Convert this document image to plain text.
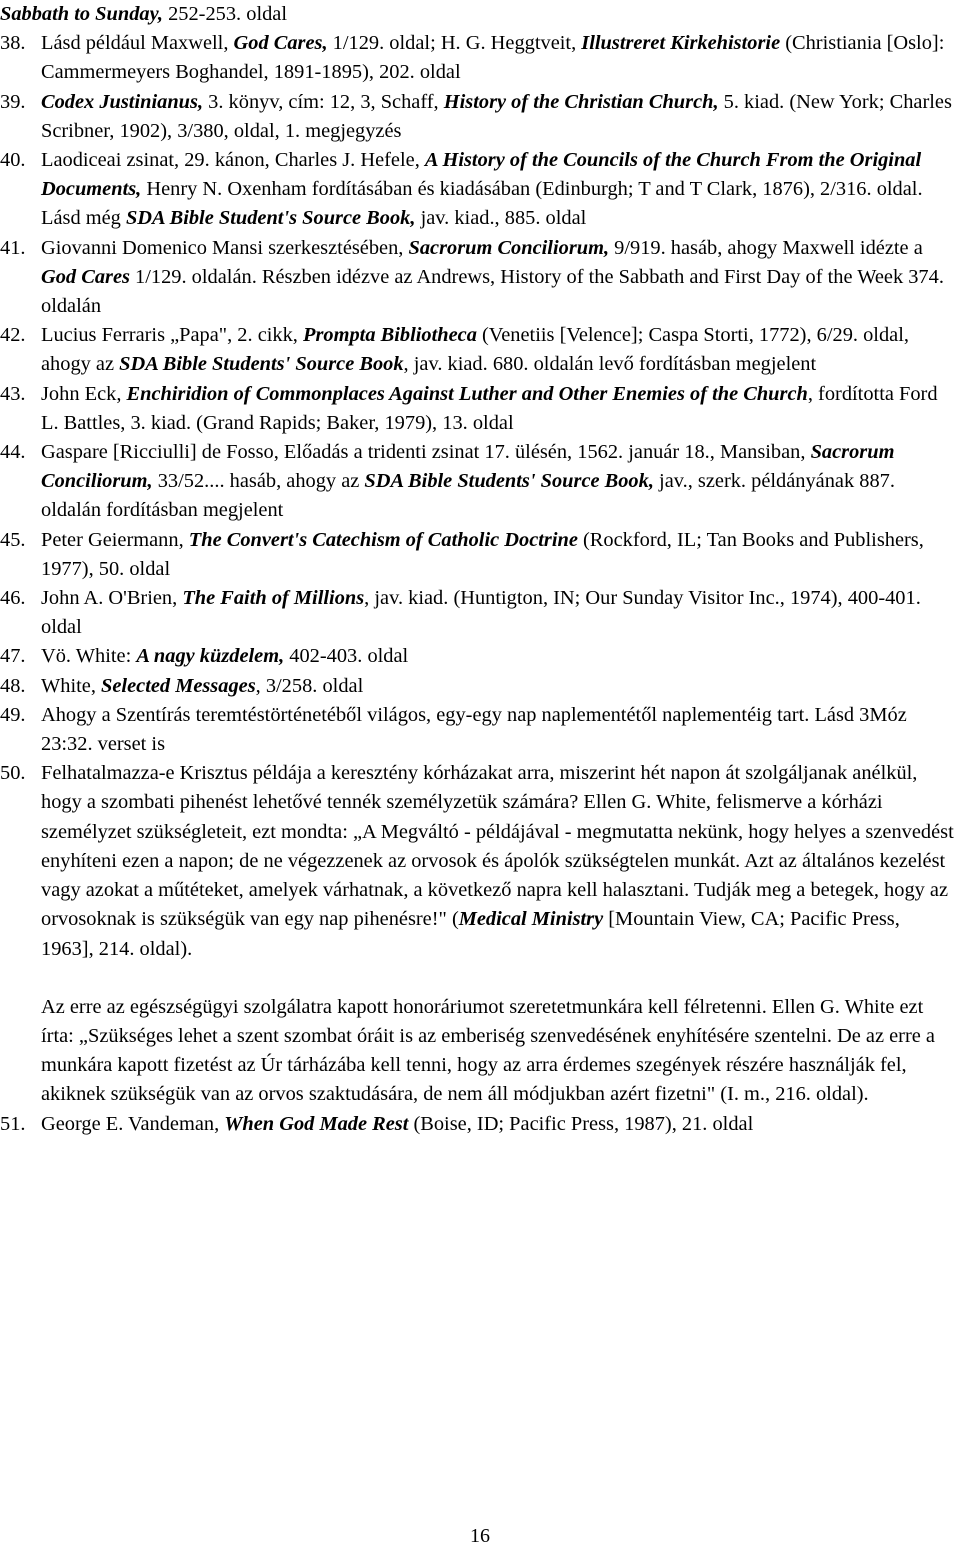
Sabbath to Sunday, 252-253. oldal
38. Lásd például Maxwell, God Cares, 1/129. oldal; H. G. Heggtveit, Illustreret Kirkehistorie (Christiania [Oslo]: Cammermeyers Boghandel, 1891-1895), 202. oldal
39. Codex Justinianus, 3. könyv, cím: 12, 3, Schaff, History of the Christian Church, 5. kiad. (New York; Charles Scribner, 1902), 3/380, oldal, 1. megjegyzés
40. Laodiceai zsinat, 29. kánon, Charles J. Hefele, A History of the Councils of the Church From the Original Documents, Henry N. Oxenham fordításában és kiadásában (Edinburgh; T and T Clark, 1876), 2/316. oldal. Lásd még SDA Bible Student's Source Book, jav. kiad., 885. oldal
41. Giovanni Domenico Mansi szerkesztésében, Sacrorum Conciliorum, 9/919. hasáb, ahogy Maxwell idézte a God Cares 1/129. oldalán. Részben idézve az Andrews, History of the Sabbath and First Day of the Week 374. oldalán
42. Lucius Ferraris „Papa", 2. cikk, Prompta Bibliotheca (Venetiis [Velence]; Caspa Storti, 1772), 6/29. oldal, ahogy az SDA Bible Students' Source Book, jav. kiad. 680. oldalán levő fordításban megjelent
43. John Eck, Enchiridion of Commonplaces Against Luther and Other Enemies of the Church, fordította Ford L. Battles, 3. kiad. (Grand Rapids; Baker, 1979), 13. oldal
44. Gaspare [Ricciulli] de Fosso, Előadás a tridenti zsinat 17. ülésén, 1562. január 18., Mansiban, Sacrorum Conciliorum, 33/52.... hasáb, ahogy az SDA Bible Students' Source Book, jav., szerk. példányának 887. oldalán fordításban megjelent
45. Peter Geiermann, The Convert's Catechism of Catholic Doctrine (Rockford, IL; Tan Books and Publishers, 1977), 50. oldal
46. John A. O'Brien, The Faith of Millions, jav. kiad. (Huntigton, IN; Our Sunday Visitor Inc., 1974), 400-401. oldal
47. Vö. White: A nagy küzdelem, 402-403. oldal
48. White, Selected Messages, 3/258. oldal
49. Ahogy a Szentírás teremtéstörténetéből világos, egy-egy nap naplementétől naplementéig tart. Lásd 3Móz 23:32. verset is
50. Felhatalmazza-e Krisztus példája a keresztény kórházakat arra, miszerint hét napon át szolgáljanak anélkül, hogy a szombati pihenést lehetővé tennék személyzetük számára? Ellen G. White, felismerve a kórházi személyzet szükségleteit, ezt mondta: „A Megváltó - példájával - megmutatta nekünk, hogy helyes a szenvedést enyhíteni ezen a napon; de ne végezzenek az orvosok és ápolók szükségtelen munkát. Azt az általános kezelést vagy azokat a műtéteket, amelyek várhatnak, a következő napra kell halasztani. Tudják meg a betegek, hogy az orvosoknak is szükségük van egy nap pihenésre!" (Medical Ministry [Mountain View, CA; Pacific Press, 1963], 214. oldal).
Az erre az egészségügyi szolgálatra kapott honoráriumot szeretetmunkára kell félretenni. Ellen G. White ezt írta: „Szükséges lehet a szent szombat óráit is az emberiség szenvedésének enyhítésére szentelni. De az erre a munkára kapott fizetést az Úr tárházába kell tenni, hogy az arra érdemes szegények részére használják fel, akiknek szükségük van az orvos szaktudására, de nem áll módjukban azért fizetni" (I. m., 216. oldal).
51. George E. Vandeman, When God Made Rest (Boise, ID; Pacific Press, 1987), 21. oldal
16
